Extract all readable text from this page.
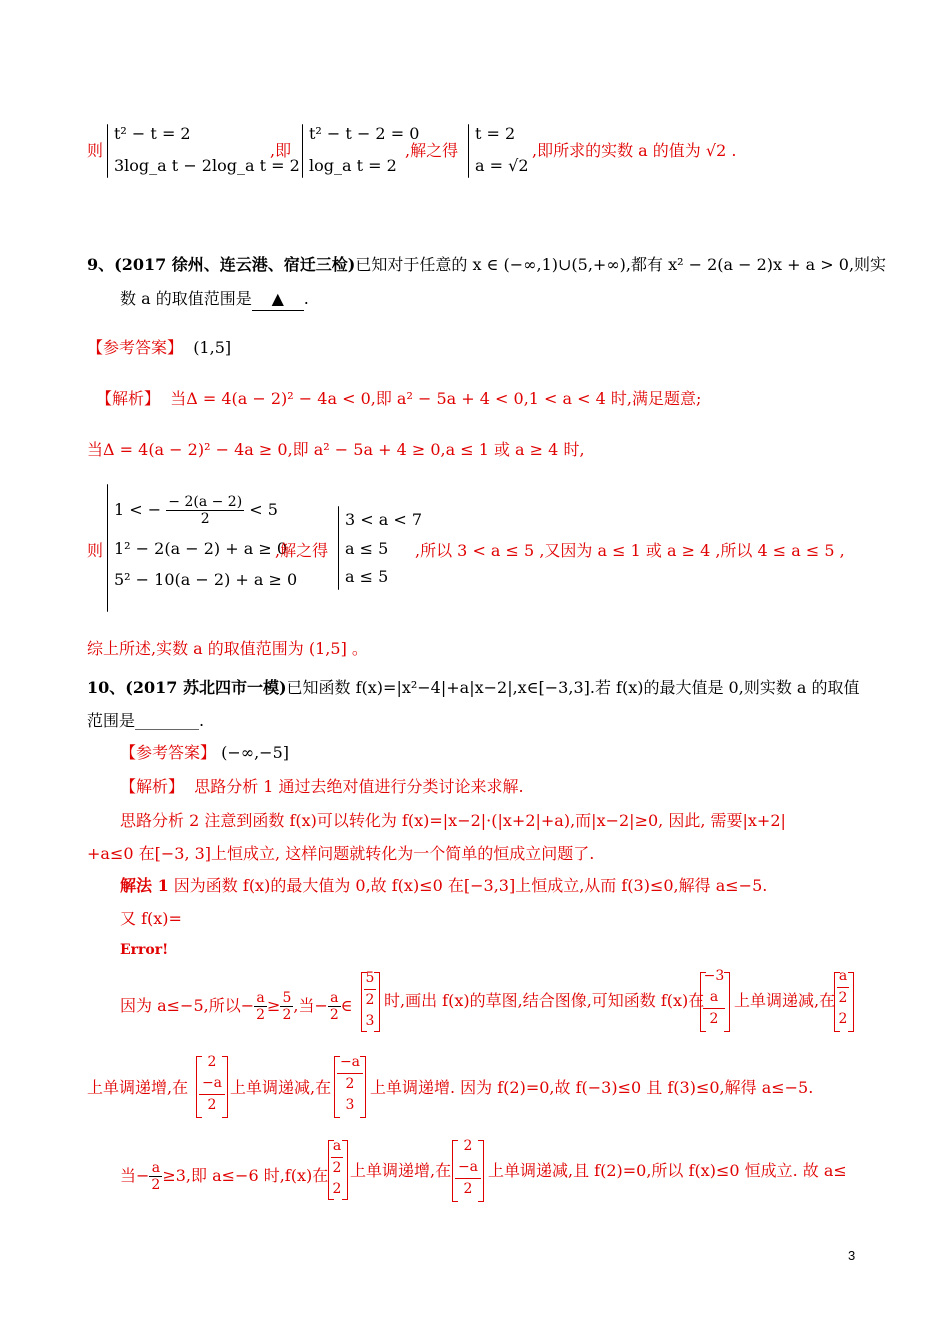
则
t² − t = 2
3log_a t − 2log_a t = 2
,即
t² − t − 2 = 0
log_a t = 2
,解之得
t = 2
a = √2
,即所求的实数 a 的值为 √2 .
9、(2017 徐州、连云港、宿迁三检)已知对于任意的 x ∈ (−∞,1)∪(5,+∞),都有 x² − 2(a − 2)x + a > 0,则实
数 a 的取值范围是 ▲ .
【参考答案】 (1,5]
【解析】 当Δ = 4(a − 2)² − 4a < 0,即 a² − 5a + 4 < 0,1 < a < 4 时,满足题意;
当Δ = 4(a − 2)² − 4a ≥ 0,即 a² − 5a + 4 ≥ 0,a ≤ 1 或 a ≥ 4 时,
则
1 < − $\frac{- 2(a - 2)}{2} < 5$
1² − 2(a − 2) + a ≥ 0
5² − 10(a − 2) + a ≥ 0
,解之得
3 < a < 7
a ≤ 5
a ≤ 5
,所以 3 < a ≤ 5 ,又因为 a ≤ 1 或 a ≥ 4 ,所以 4 ≤ a ≤ 5 ,
综上所述,实数 a 的取值范围为 (1,5] 。
10、(2017 苏北四市一模)已知函数 f(x)=|x²−4|+a|x−2|,x∈[−3,3].若 f(x)的最大值是 0,则实数 a 的取值
范围是________.
【参考答案】 (−∞,−5]
【解析】 思路分析 1 通过去绝对值进行分类讨论来求解.
思路分析 2 注意到函数 f(x)可以转化为 f(x)=|x−2|·(|x+2|+a),而|x−2|≥0, 因此, 需要|x+2|
+a≤0 在[−3, 3]上恒成立, 这样问题就转化为一个简单的恒成立问题了.
解法 1 因为函数 f(x)的最大值为 0,故 f(x)≤0 在[−3,3]上恒成立,从而 f(3)≤0,解得 a≤−5.
又 f(x)=
Error!
因为 a≤−5,所以− $\frac{a}{2} \ge \frac{5}{2}$ ,当− $\frac{a}{2}$ ∈
5
2
3
时,画出 f(x)的草图,结合图像,可知函数 f(x)在
−3
a
2
上单调递减,在
a
2
2
上单调递增,在
2
−a
2
上单调递减,在
−a
2
3
上单调递增. 因为 f(2)=0,故 f(−3)≤0 且 f(3)≤0,解得 a≤−5.
当− $\frac{a}{2} \ge 3$,即 a≤−6 时,f(x)在
a
2
2
上单调递增,在
2
−a
2
上单调递减,且 f(2)=0,所以 f(x)≤0 恒成立. 故 a≤
3
